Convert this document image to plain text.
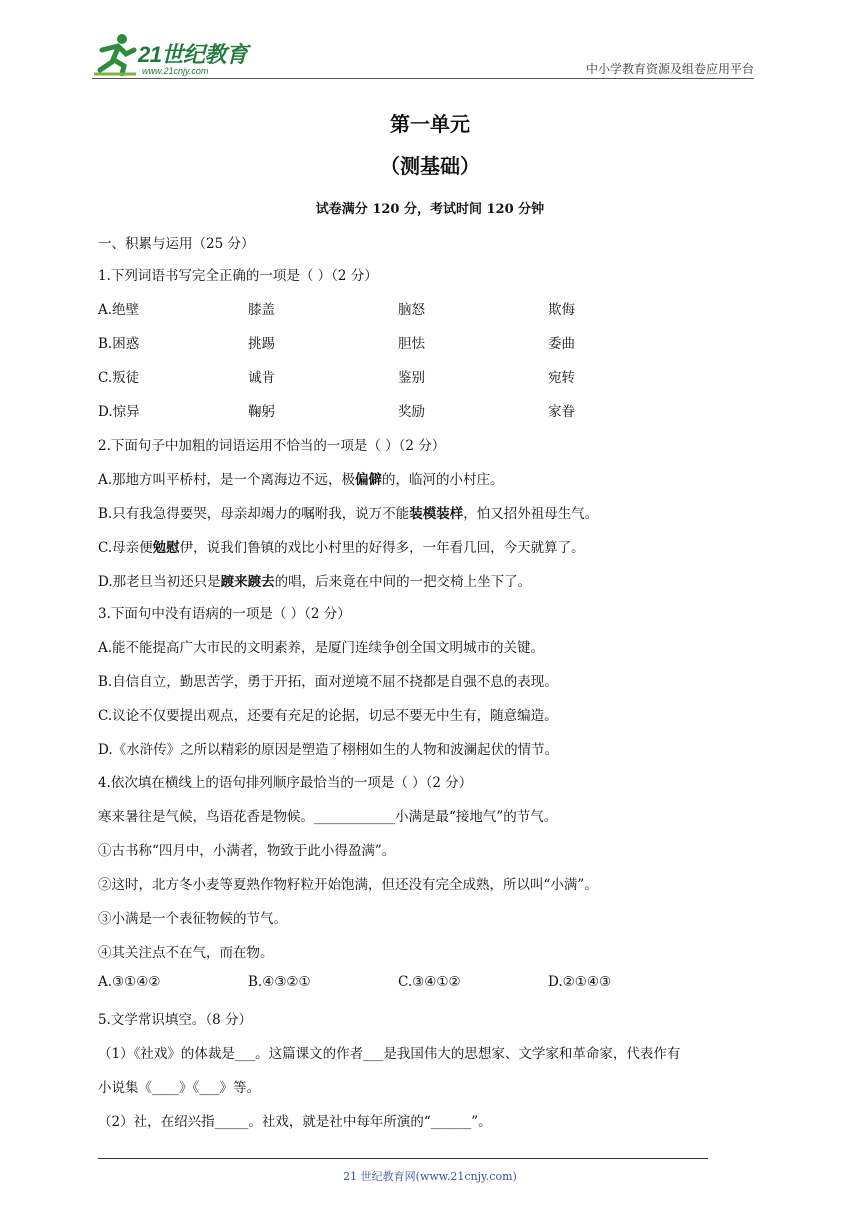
21世纪教育
www.21cnjy.com	中小学教育资源及组卷应用平台
第一单元
（测基础）
试卷满分 120 分，考试时间 120 分钟
一、积累与运用（25 分）
1.下列词语书写完全正确的一项是（ ）（2 分）
A.绝壁	膝盖	脑怒	欺侮
B.困惑	挑踢	胆怯	委曲
C.叛徒	诚肯	鉴别	宛转
D.惊异	鞠躬	奖励	家眷
2.下面句子中加粗的词语运用不恰当的一项是（ ）（2 分）
A.那地方叫平桥村，是一个离海边不远，极偏僻的，临河的小村庄。
B.只有我急得要哭，母亲却竭力的嘱咐我，说万不能装模装样，怕又招外祖母生气。
C.母亲便勉慰伊，说我们鲁镇的戏比小村里的好得多，一年看几回，今天就算了。
D.那老旦当初还只是踱来踱去的唱，后来竟在中间的一把交椅上坐下了。
3.下面句中没有语病的一项是（ ）（2 分）
A.能不能提高广大市民的文明素养，是厦门连续争创全国文明城市的关键。
B.自信自立，勤思苦学，勇于开拓，面对逆境不屈不挠都是自强不息的表现。
C.议论不仅要提出观点，还要有充足的论据，切忌不要无中生有，随意编造。
D.《水浒传》之所以精彩的原因是塑造了栩栩如生的人物和波澜起伏的情节。
4.依次填在横线上的语句排列顺序最恰当的一项是（ ）（2 分）
寒来暑往是气候，鸟语花香是物候。____________小满是最“接地气”的节气。
①古书称“四月中，小满者，物致于此小得盈满”。
②这时，北方冬小麦等夏熟作物籽粒开始饱满，但还没有完全成熟，所以叫“小满”。
③小满是一个表征物候的节气。
④其关注点不在气，而在物。
A.③①④②	B.④③②①	C.③④①②	D.②①④③
5.文学常识填空。（8 分）
（1）《社戏》的体裁是___。这篇课文的作者___是我国伟大的思想家、文学家和革命家，代表作有
小说集《____》《___》等。
（2）社，在绍兴指_____。社戏，就是社中每年所演的“______”。
21 世纪教育网(www.21cnjy.com)
